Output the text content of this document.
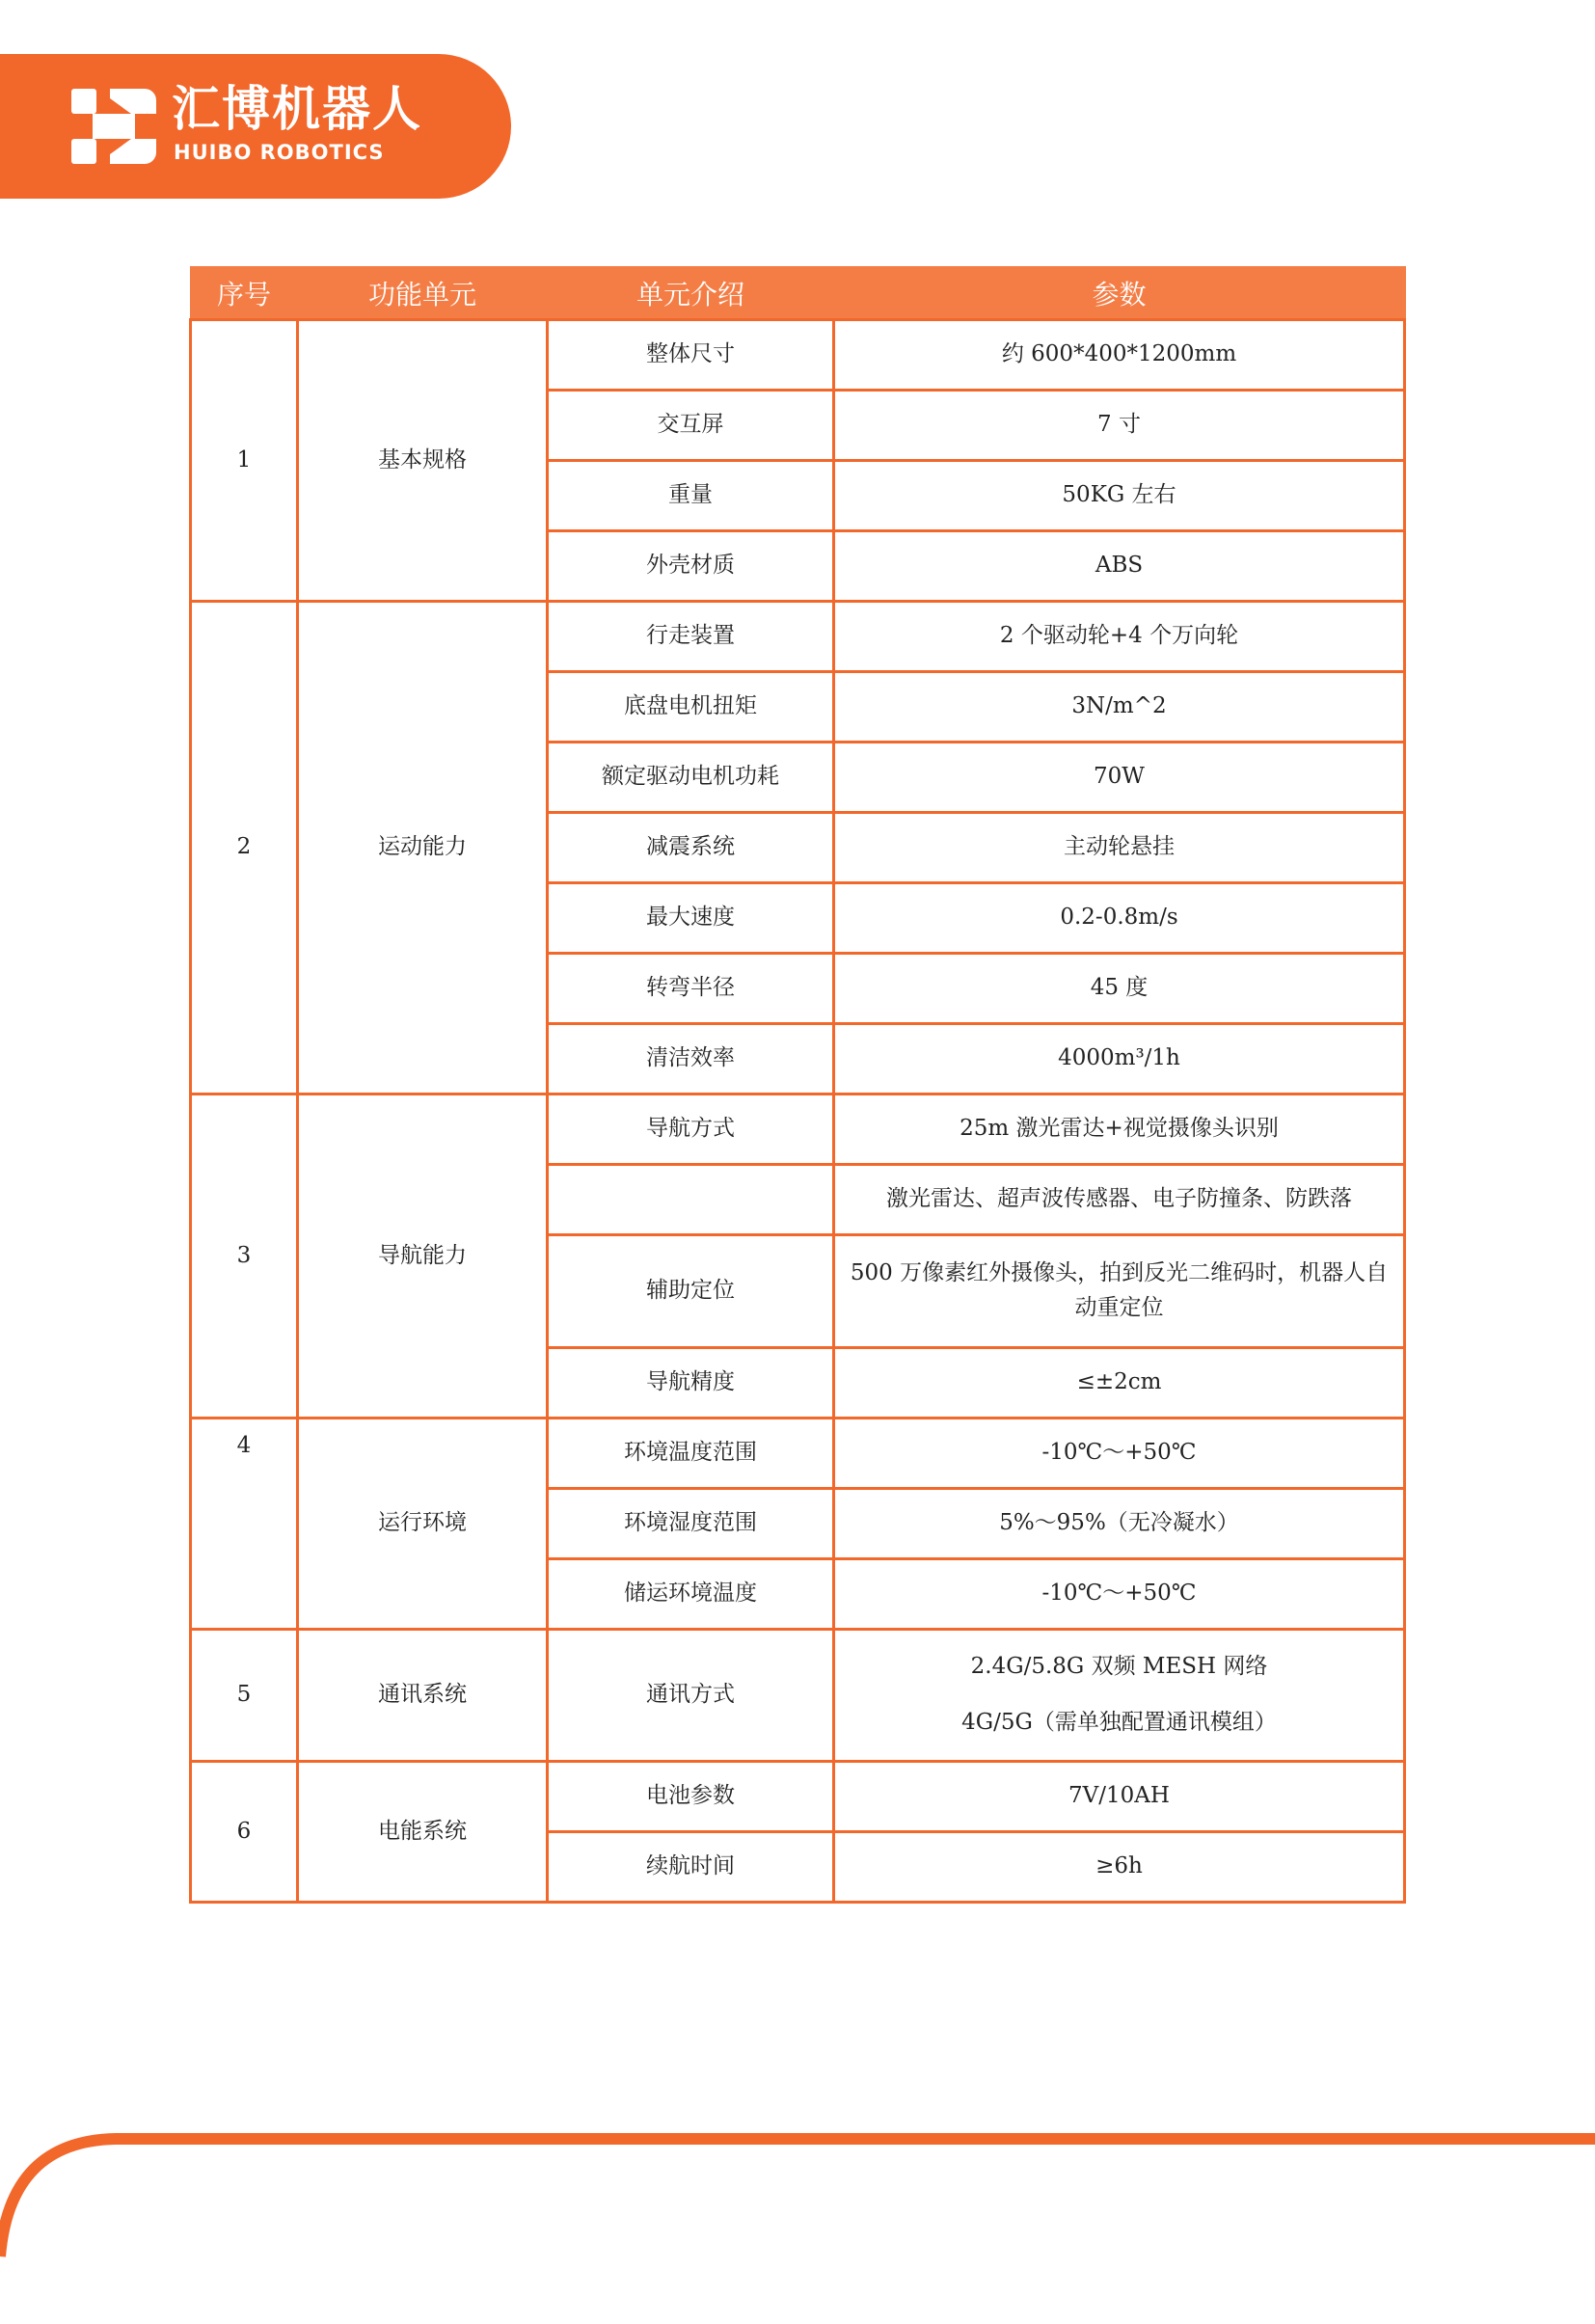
汇博机器人
HUIBO ROBOTICS
序号	功能单元	单元介绍	参数
1	基本规格	整体尺寸	约 600*400*1200mm
		交互屏	7 寸
		重量	50KG 左右
		外壳材质	ABS
2	运动能力	行走装置	2 个驱动轮+4 个万向轮
		底盘电机扭矩	3N/m^2
		额定驱动电机功耗	70W
		减震系统	主动轮悬挂
		最大速度	0.2-0.8m/s
		转弯半径	45 度
		清洁效率	4000m³/1h
3	导航能力	导航方式	25m 激光雷达+视觉摄像头识别
			激光雷达、超声波传感器、电子防撞条、防跌落
		辅助定位	500 万像素红外摄像头，拍到反光二维码时，机器人自动重定位
		导航精度	≤±2cm
4	运行环境	环境温度范围	-10℃～+50℃
		环境湿度范围	5%～95%（无冷凝水）
		储运环境温度	-10℃～+50℃
5	通讯系统	通讯方式	2.4G/5.8G 双频 MESH 网络
4G/5G（需单独配置通讯模组）

6	电能系统	电池参数	7V/10AH
		续航时间	≥6h
